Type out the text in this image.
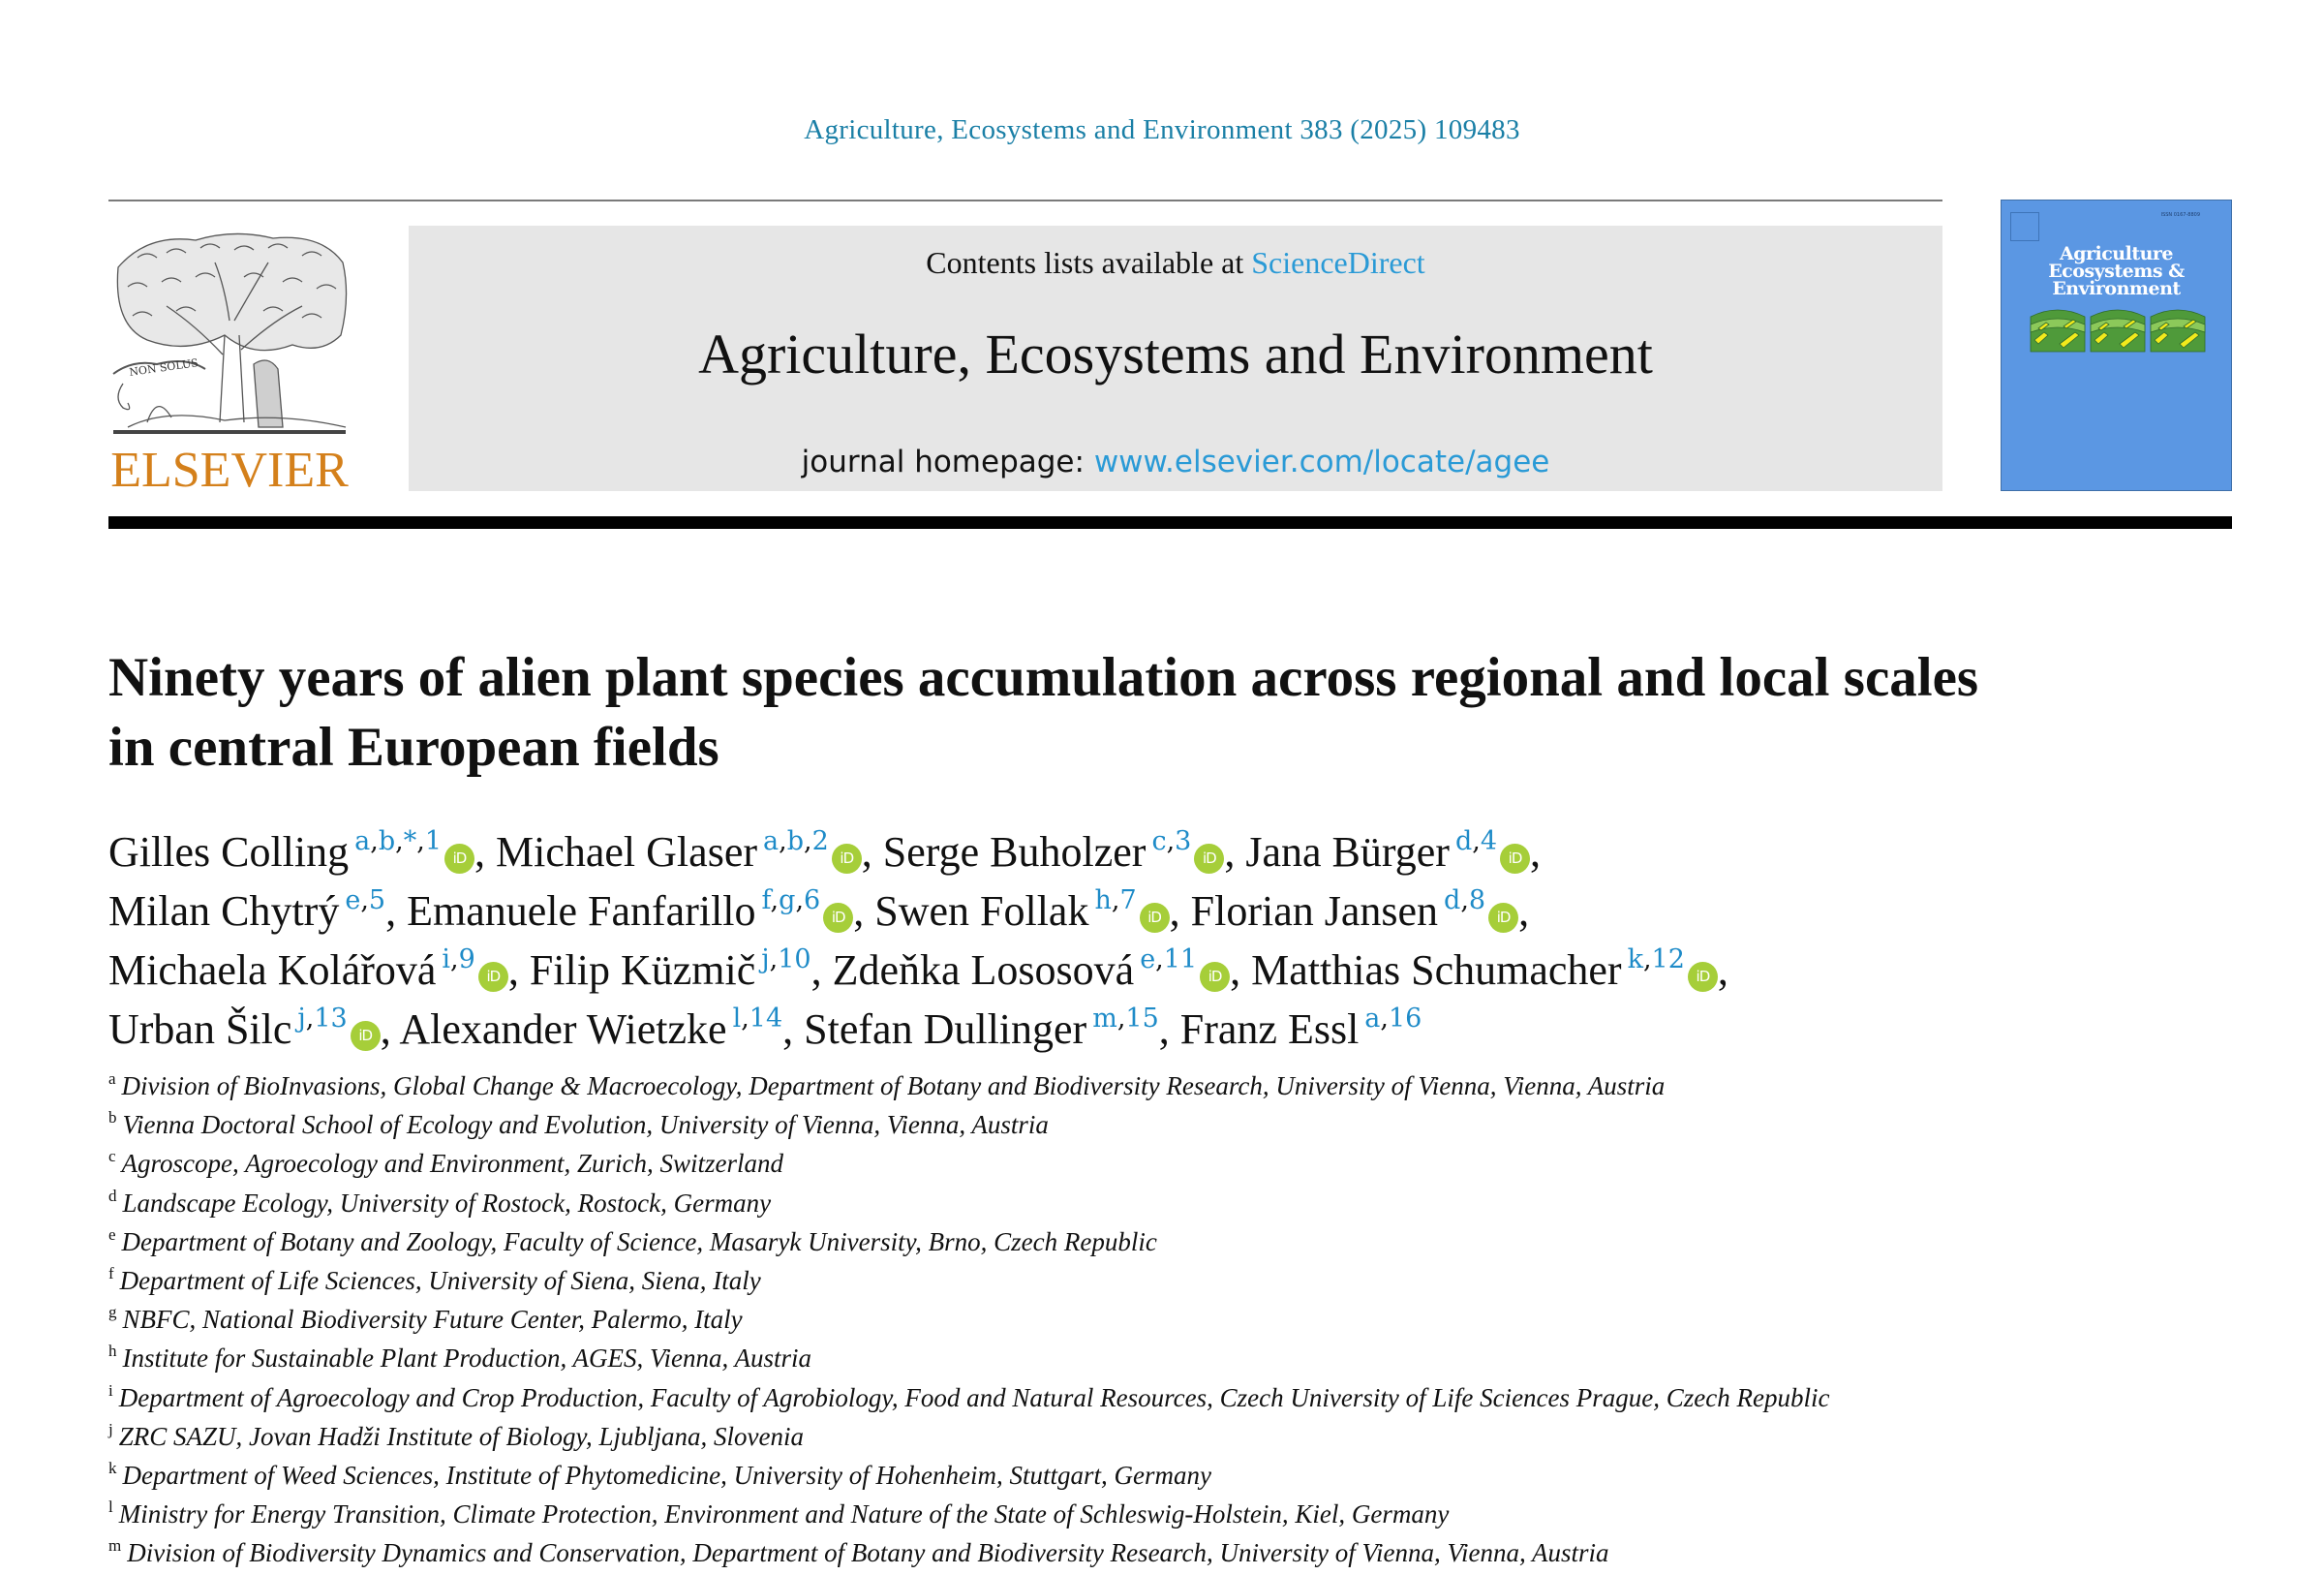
Agriculture, Ecosystems and Environment 383 (2025) 109483
NON SOLUS
ELSEVIER
Contents lists available at ScienceDirect
Agriculture, Ecosystems and Environment
journal homepage: www.elsevier.com/locate/agee
ISSN 0167-8809
Agriculture
Ecosystems &
Environment
Ninety years of alien plant species accumulation across regional and local scales in central European fields
Gilles Colling $^{a,b,*,1}$iD , Michael Glaser $^{a,b,2}$iD , Serge Buholzer $^{c,3}$iD , Jana Bürger $^{d,4}$iD ,
Milan Chytrý $^{e,5}$, Emanuele Fanfarillo $^{f,g,6}$iD , Swen Follak $^{h,7}$iD , Florian Jansen $^{d,8}$iD ,
Michaela Kolářová $^{i,9}$iD , Filip Küzmič $^{j,10}$, Zdeňka Lososová $^{e,11}$iD , Matthias Schumacher $^{k,12}$iD ,
Urban Šilc $^{j,13}$iD , Alexander Wietzke $^{l,14}$, Stefan Dullinger $^{m,15}$, Franz Essl $^{a,16}$
$^a$ Division of BioInvasions, Global Change & Macroecology, Department of Botany and Biodiversity Research, University of Vienna, Vienna, Austria
$^b$ Vienna Doctoral School of Ecology and Evolution, University of Vienna, Vienna, Austria
$^c$ Agroscope, Agroecology and Environment, Zurich, Switzerland
$^d$ Landscape Ecology, University of Rostock, Rostock, Germany
$^e$ Department of Botany and Zoology, Faculty of Science, Masaryk University, Brno, Czech Republic
$^f$ Department of Life Sciences, University of Siena, Siena, Italy
$^g$ NBFC, National Biodiversity Future Center, Palermo, Italy
$^h$ Institute for Sustainable Plant Production, AGES, Vienna, Austria
$^i$ Department of Agroecology and Crop Production, Faculty of Agrobiology, Food and Natural Resources, Czech University of Life Sciences Prague, Czech Republic
$^j$ ZRC SAZU, Jovan Hadži Institute of Biology, Ljubljana, Slovenia
$^k$ Department of Weed Sciences, Institute of Phytomedicine, University of Hohenheim, Stuttgart, Germany
$^l$ Ministry for Energy Transition, Climate Protection, Environment and Nature of the State of Schleswig-Holstein, Kiel, Germany
$^m$ Division of Biodiversity Dynamics and Conservation, Department of Botany and Biodiversity Research, University of Vienna, Vienna, Austria
